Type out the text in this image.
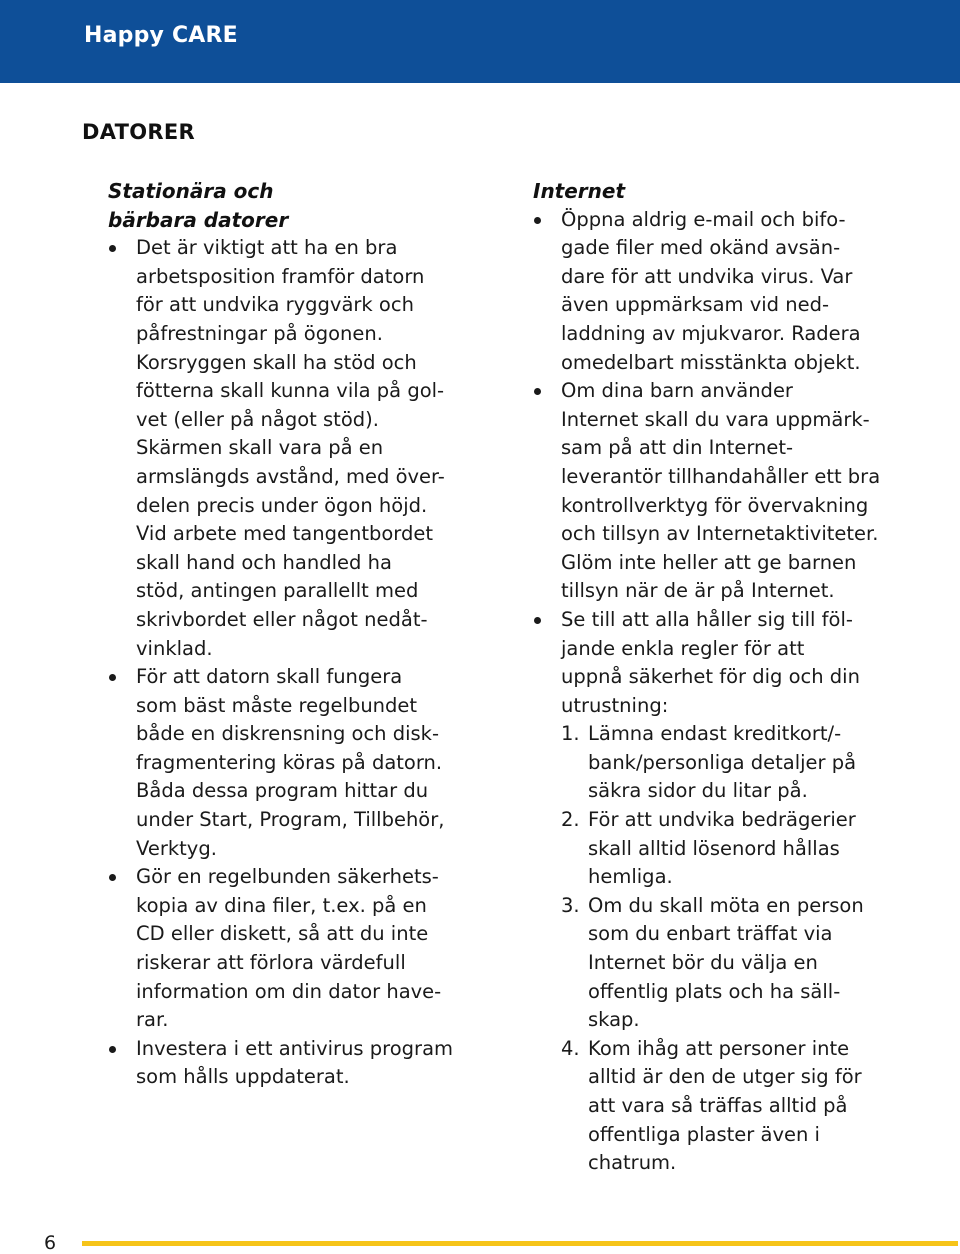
Happy CARE
DATORER
Stationära och
bärbara datorer
Det är viktigt att ha en bra
arbetsposition framför datorn
för att undvika ryggvärk och
påfrestningar på ögonen.
Korsryggen skall ha stöd och
fötterna skall kunna vila på gol-
vet (eller på något stöd).
Skärmen skall vara på en
armslängds avstånd, med över-
delen precis under ögon höjd.
Vid arbete med tangentbordet
skall hand och handled ha
stöd, antingen parallellt med
skrivbordet eller något nedåt-
vinklad.
För att datorn skall fungera
som bäst måste regelbundet
både en diskrensning och disk-
fragmentering köras på datorn.
Båda dessa program hittar du
under Start, Program, Tillbehör,
Verktyg.
Gör en regelbunden säkerhets-
kopia av dina filer, t.ex. på en
CD eller diskett, så att du inte
riskerar att förlora värdefull
information om din dator have-
rar.
Investera i ett antivirus program
som hålls uppdaterat.
Internet
Öppna aldrig e-mail och bifo-
gade filer med okänd avsän-
dare för att undvika virus. Var
även uppmärksam vid ned-
laddning av mjukvaror. Radera
omedelbart misstänkta objekt.
Om dina barn använder
Internet skall du vara uppmärk-
sam på att din Internet-
leverantör tillhandahåller ett bra
kontrollverktyg för övervakning
och tillsyn av Internetaktiviteter.
Glöm inte heller att ge barnen
tillsyn när de är på Internet.
Se till att alla håller sig till föl-
jande enkla regler för att
uppnå säkerhet för dig och din
utrustning:
1. Lämna endast kreditkort/-
bank/personliga detaljer på
säkra sidor du litar på.
2. För att undvika bedrägerier
skall alltid lösenord hållas
hemliga.
3. Om du skall möta en person
som du enbart träffat via
Internet bör du välja en
offentlig plats och ha säll-
skap.
4. Kom ihåg att personer inte
alltid är den de utger sig för
att vara så träffas alltid på
offentliga plaster även i
chatrum.
6
